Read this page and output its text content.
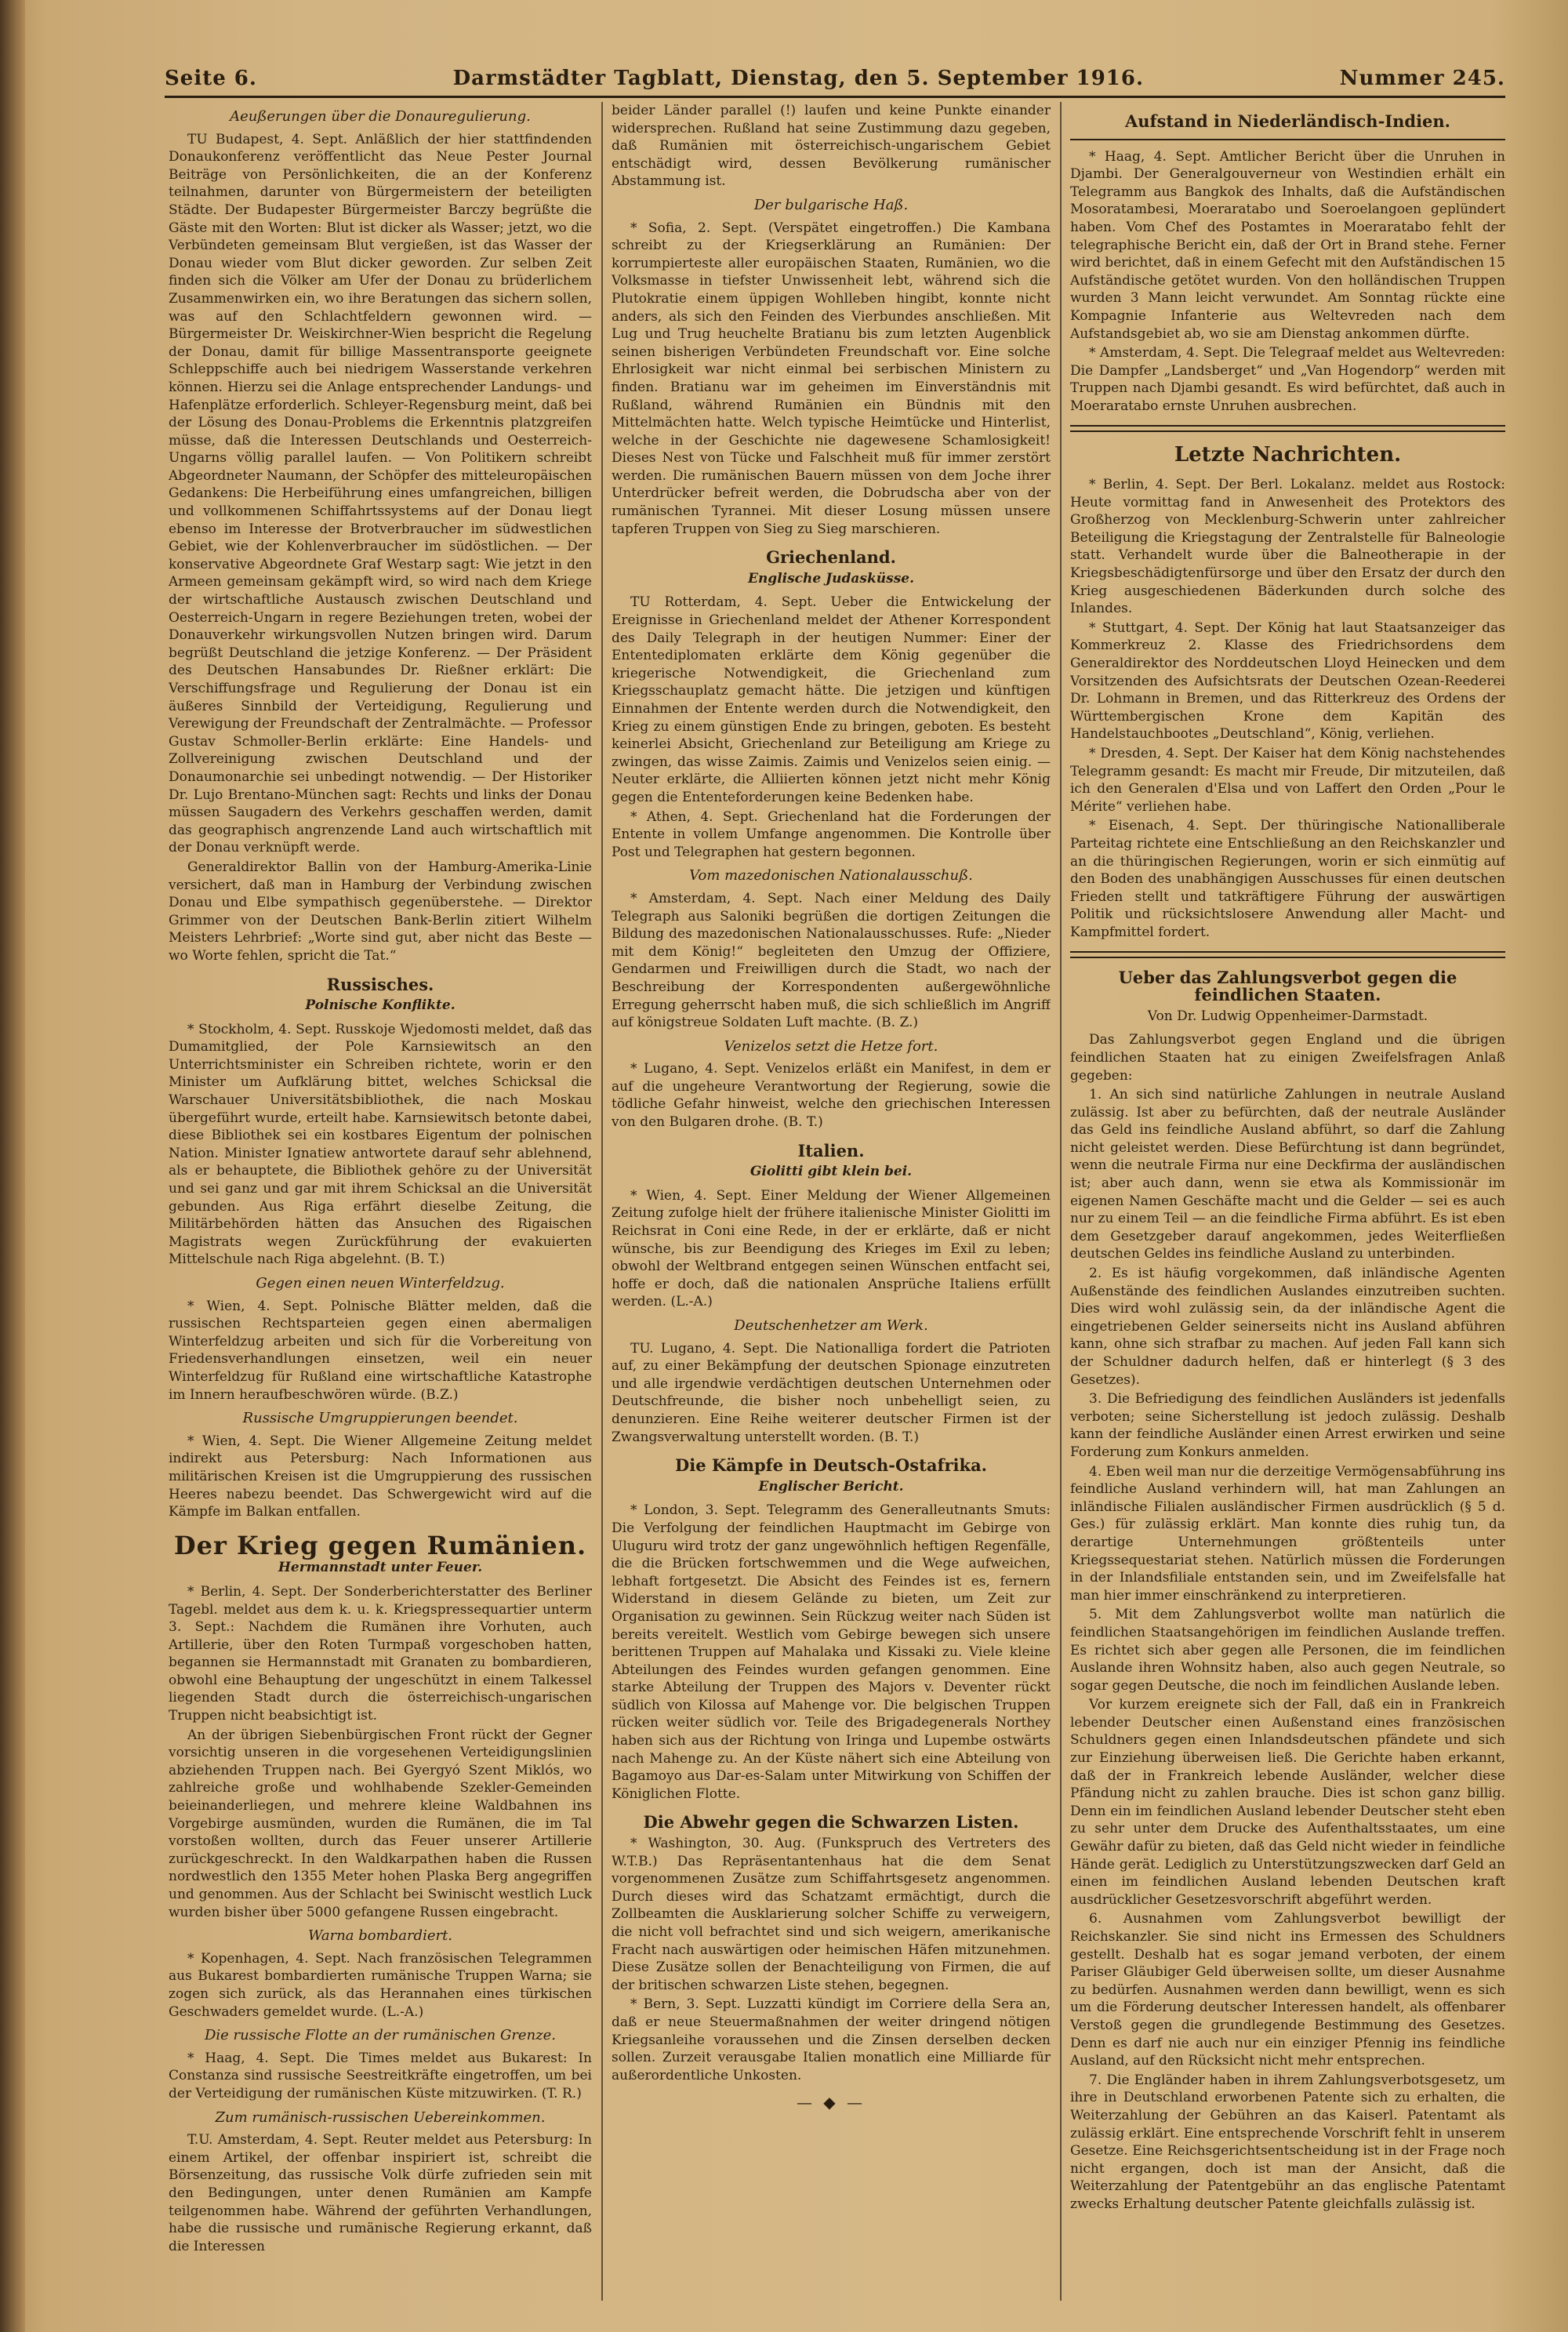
Seite 6.	Darmstädter Tagblatt, Dienstag, den 5. September 1916.	Nummer 245.
Aeußerungen über die Donauregulierung.

TU Budapest, 4. Sept. Anläßlich der hier stattfindenden Donaukonferenz veröffentlicht das Neue Pester Journal Beiträge von Persönlichkeiten, die an der Konferenz teilnahmen, darunter von Bürgermeistern der beteiligten Städte. Der Budapester Bürgermeister Barczy begrüßte die Gäste mit den Worten: Blut ist dicker als Wasser; jetzt, wo die Verbündeten gemeinsam Blut vergießen, ist das Wasser der Donau wieder vom Blut dicker geworden. Zur selben Zeit finden sich die Völker am Ufer der Donau zu brüderlichem Zusammenwirken ein, wo ihre Beratungen das sichern sollen, was auf den Schlachtfeldern gewonnen wird. — Bürgermeister Dr. Weiskirchner-Wien bespricht die Regelung der Donau, damit für billige Massentransporte geeignete Schleppschiffe auch bei niedrigem Wasserstande verkehren können. Hierzu sei die Anlage entsprechender Landungs- und Hafenplätze erforderlich. Schleyer-Regensburg meint, daß bei der Lösung des Donau-Problems die Erkenntnis platzgreifen müsse, daß die Interessen Deutschlands und Oesterreich-Ungarns völlig parallel laufen. — Von Politikern schreibt Abgeordneter Naumann, der Schöpfer des mitteleuropäischen Gedankens: Die Herbeiführung eines umfangreichen, billigen und vollkommenen Schiffahrtssystems auf der Donau liegt ebenso im Interesse der Brotverbraucher im südwestlichen Gebiet, wie der Kohlenverbraucher im südöstlichen. — Der konservative Abgeordnete Graf Westarp sagt: Wie jetzt in den Armeen gemeinsam gekämpft wird, so wird nach dem Kriege der wirtschaftliche Austausch zwischen Deutschland und Oesterreich-Ungarn in regere Beziehungen treten, wobei der Donauverkehr wirkungsvollen Nutzen bringen wird. Darum begrüßt Deutschland die jetzige Konferenz. — Der Präsident des Deutschen Hansabundes Dr. Rießner erklärt: Die Verschiffungsfrage und Regulierung der Donau ist ein äußeres Sinnbild der Verteidigung, Regulierung und Verewigung der Freundschaft der Zentralmächte. — Professor Gustav Schmoller-Berlin erklärte: Eine Handels- und Zollvereinigung zwischen Deutschland und der Donaumonarchie sei unbedingt notwendig. — Der Historiker Dr. Lujo Brentano-München sagt: Rechts und links der Donau müssen Saugadern des Verkehrs geschaffen werden, damit das geographisch angrenzende Land auch wirtschaftlich mit der Donau verknüpft werde.

Generaldirektor Ballin von der Hamburg-Amerika-Linie versichert, daß man in Hamburg der Verbindung zwischen Donau und Elbe sympathisch gegenüberstehe. — Direktor Grimmer von der Deutschen Bank-Berlin zitiert Wilhelm Meisters Lehrbrief: „Worte sind gut, aber nicht das Beste — wo Worte fehlen, spricht die Tat.“

Russisches.
Polnische Konflikte.

* Stockholm, 4. Sept. Russkoje Wjedomosti meldet, daß das Dumamitglied, der Pole Karnsiewitsch an den Unterrichtsminister ein Schreiben richtete, worin er den Minister um Aufklärung bittet, welches Schicksal die Warschauer Universitätsbibliothek, die nach Moskau übergeführt wurde, erteilt habe. Karnsiewitsch betonte dabei, diese Bibliothek sei ein kostbares Eigentum der polnischen Nation. Minister Ignatiew antwortete darauf sehr ablehnend, als er behauptete, die Bibliothek gehöre zu der Universität und sei ganz und gar mit ihrem Schicksal an die Universität gebunden. Aus Riga erfährt dieselbe Zeitung, die Militärbehörden hätten das Ansuchen des Rigaischen Magistrats wegen Zurückführung der evakuierten Mittelschule nach Riga abgelehnt. (B. T.)

Gegen einen neuen Winterfeldzug.

* Wien, 4. Sept. Polnische Blätter melden, daß die russischen Rechtsparteien gegen einen abermaligen Winterfeldzug arbeiten und sich für die Vorbereitung von Friedensverhandlungen einsetzen, weil ein neuer Winterfeldzug für Rußland eine wirtschaftliche Katastrophe im Innern heraufbeschwören würde. (B.Z.)

Russische Umgruppierungen beendet.

* Wien, 4. Sept. Die Wiener Allgemeine Zeitung meldet indirekt aus Petersburg: Nach Informationen aus militärischen Kreisen ist die Umgruppierung des russischen Heeres nabezu beendet. Das Schwergewicht wird auf die Kämpfe im Balkan entfallen.

Der Krieg gegen Rumänien.
Hermannstadt unter Feuer.

* Berlin, 4. Sept. Der Sonderberichterstatter des Berliner Tagebl. meldet aus dem k. u. k. Kriegspressequartier unterm 3. Sept.: Nachdem die Rumänen ihre Vorhuten, auch Artillerie, über den Roten Turmpaß vorgeschoben hatten, begannen sie Hermannstadt mit Granaten zu bombardieren, obwohl eine Behauptung der ungeschützt in einem Talkessel liegenden Stadt durch die österreichisch-ungarischen Truppen nicht beabsichtigt ist.

An der übrigen Siebenbürgischen Front rückt der Gegner vorsichtig unseren in die vorgesehenen Verteidigungslinien abziehenden Truppen nach. Bei Gyergyó Szent Miklós, wo zahlreiche große und wohlhabende Szekler-Gemeinden beieinanderliegen, und mehrere kleine Waldbahnen ins Vorgebirge ausmünden, wurden die Rumänen, die im Tal vorstoßen wollten, durch das Feuer unserer Artillerie zurückgeschreckt. In den Waldkarpathen haben die Russen nordwestlich den 1355 Meter hohen Plaska Berg angegriffen und genommen. Aus der Schlacht bei Swinischt westlich Luck wurden bisher über 5000 gefangene Russen eingebracht.

Warna bombardiert.

* Kopenhagen, 4. Sept. Nach französischen Telegrammen aus Bukarest bombardierten rumänische Truppen Warna; sie zogen sich zurück, als das Herannahen eines türkischen Geschwaders gemeldet wurde. (L.-A.)

Die russische Flotte an der rumänischen Grenze.

* Haag, 4. Sept. Die Times meldet aus Bukarest: In Constanza sind russische Seestreitkräfte eingetroffen, um bei der Verteidigung der rumänischen Küste mitzuwirken. (T. R.)

Zum rumänisch-russischen Uebereinkommen.

T.U. Amsterdam, 4. Sept. Reuter meldet aus Petersburg: In einem Artikel, der offenbar inspiriert ist, schreibt die Börsenzeitung, das russische Volk dürfe zufrieden sein mit den Bedingungen, unter denen Rumänien am Kampfe teilgenommen habe. Während der geführten Verhandlungen, habe die russische und rumänische Regierung erkannt, daß die Interessen

beider Länder parallel (!) laufen und keine Punkte einander widersprechen. Rußland hat seine Zustimmung dazu gegeben, daß Rumänien mit österreichisch-ungarischem Gebiet entschädigt wird, dessen Bevölkerung rumänischer Abstammung ist.

Der bulgarische Haß.

* Sofia, 2. Sept. (Verspätet eingetroffen.) Die Kambana schreibt zu der Kriegserklärung an Rumänien: Der korrumpierteste aller europäischen Staaten, Rumänien, wo die Volksmasse in tiefster Unwissenheit lebt, während sich die Plutokratie einem üppigen Wohlleben hingibt, konnte nicht anders, als sich den Feinden des Vierbundes anschließen. Mit Lug und Trug heuchelte Bratianu bis zum letzten Augenblick seinen bisherigen Verbündeten Freundschaft vor. Eine solche Ehrlosigkeit war nicht einmal bei serbischen Ministern zu finden. Bratianu war im geheimen im Einverständnis mit Rußland, während Rumänien ein Bündnis mit den Mittelmächten hatte. Welch typische Heimtücke und Hinterlist, welche in der Geschichte nie dagewesene Schamlosigkeit! Dieses Nest von Tücke und Falschheit muß für immer zerstört werden. Die rumänischen Bauern müssen von dem Joche ihrer Unterdrücker befreit werden, die Dobrudscha aber von der rumänischen Tyrannei. Mit dieser Losung müssen unsere tapferen Truppen von Sieg zu Sieg marschieren.

Griechenland.
Englische Judasküsse.

TU Rotterdam, 4. Sept. Ueber die Entwickelung der Ereignisse in Griechenland meldet der Athener Korrespondent des Daily Telegraph in der heutigen Nummer: Einer der Ententediplomaten erklärte dem König gegenüber die kriegerische Notwendigkeit, die Griechenland zum Kriegsschauplatz gemacht hätte. Die jetzigen und künftigen Einnahmen der Entente werden durch die Notwendigkeit, den Krieg zu einem günstigen Ende zu bringen, geboten. Es besteht keinerlei Absicht, Griechenland zur Beteiligung am Kriege zu zwingen, das wisse Zaimis. Zaimis und Venizelos seien einig. — Neuter erklärte, die Alliierten können jetzt nicht mehr König gegen die Ententeforderungen keine Bedenken habe.

* Athen, 4. Sept. Griechenland hat die Forderungen der Entente in vollem Umfange angenommen. Die Kontrolle über Post und Telegraphen hat gestern begonnen.

Vom mazedonischen Nationalausschuß.

* Amsterdam, 4. Sept. Nach einer Meldung des Daily Telegraph aus Saloniki begrüßen die dortigen Zeitungen die Bildung des mazedonischen Nationalausschusses. Rufe: „Nieder mit dem König!“ begleiteten den Umzug der Offiziere, Gendarmen und Freiwilligen durch die Stadt, wo nach der Beschreibung der Korrespondenten außergewöhnliche Erregung geherrscht haben muß, die sich schließlich im Angriff auf königstreue Soldaten Luft machte. (B. Z.)

Venizelos setzt die Hetze fort.

* Lugano, 4. Sept. Venizelos erläßt ein Manifest, in dem er auf die ungeheure Verantwortung der Regierung, sowie die tödliche Gefahr hinweist, welche den griechischen Interessen von den Bulgaren drohe. (B. T.)

Italien.
Giolitti gibt klein bei.

* Wien, 4. Sept. Einer Meldung der Wiener Allgemeinen Zeitung zufolge hielt der frühere italienische Minister Giolitti im Reichsrat in Coni eine Rede, in der er erklärte, daß er nicht wünsche, bis zur Beendigung des Krieges im Exil zu leben; obwohl der Weltbrand entgegen seinen Wünschen entfacht sei, hoffe er doch, daß die nationalen Ansprüche Italiens erfüllt werden. (L.-A.)

Deutschenhetzer am Werk.

TU. Lugano, 4. Sept. Die Nationalliga fordert die Patrioten auf, zu einer Bekämpfung der deutschen Spionage einzutreten und alle irgendwie verdächtigen deutschen Unternehmen oder Deutschfreunde, die bisher noch unbehelligt seien, zu denunzieren. Eine Reihe weiterer deutscher Firmen ist der Zwangsverwaltung unterstellt worden. (B. T.)

Die Kämpfe in Deutsch-Ostafrika.
Englischer Bericht.

* London, 3. Sept. Telegramm des Generalleutnants Smuts: Die Verfolgung der feindlichen Hauptmacht im Gebirge von Uluguru wird trotz der ganz ungewöhnlich heftigen Regenfälle, die die Brücken fortschwemmen und die Wege aufweichen, lebhaft fortgesetzt. Die Absicht des Feindes ist es, fernern Widerstand in diesem Gelände zu bieten, um Zeit zur Organisation zu gewinnen. Sein Rückzug weiter nach Süden ist bereits vereitelt. Westlich vom Gebirge bewegen sich unsere berittenen Truppen auf Mahalaka und Kissaki zu. Viele kleine Abteilungen des Feindes wurden gefangen genommen. Eine starke Abteilung der Truppen des Majors v. Deventer rückt südlich von Kilossa auf Mahenge vor. Die belgischen Truppen rücken weiter südlich vor. Teile des Brigadegenerals Northey haben sich aus der Richtung von Iringa und Lupembe ostwärts nach Mahenge zu. An der Küste nähert sich eine Abteilung von Bagamoyo aus Dar-es-Salam unter Mitwirkung von Schiffen der Königlichen Flotte.

Die Abwehr gegen die Schwarzen Listen.

* Washington, 30. Aug. (Funkspruch des Vertreters des W.T.B.) Das Repräsentantenhaus hat die dem Senat vorgenommenen Zusätze zum Schiffahrtsgesetz angenommen. Durch dieses wird das Schatzamt ermächtigt, durch die Zollbeamten die Ausklarierung solcher Schiffe zu verweigern, die nicht voll befrachtet sind und sich weigern, amerikanische Fracht nach auswärtigen oder heimischen Häfen mitzunehmen. Diese Zusätze sollen der Benachteiligung von Firmen, die auf der britischen schwarzen Liste stehen, begegnen.

* Bern, 3. Sept. Luzzatti kündigt im Corriere della Sera an, daß er neue Steuermaßnahmen der weiter dringend nötigen Kriegsanleihe voraussehen und die Zinsen derselben decken sollen. Zurzeit verausgabe Italien monatlich eine Milliarde für außerordentliche Unkosten.

— ◆ —
Aufstand in Niederländisch-Indien.

* Haag, 4. Sept. Amtlicher Bericht über die Unruhen in Djambi. Der Generalgouverneur von Westindien erhält ein Telegramm aus Bangkok des Inhalts, daß die Aufständischen Mosoratambesi, Moeraratabo und Soeroelangoen geplündert haben. Vom Chef des Postamtes in Moeraratabo fehlt der telegraphische Bericht ein, daß der Ort in Brand stehe. Ferner wird berichtet, daß in einem Gefecht mit den Aufständischen 15 Aufständische getötet wurden. Von den holländischen Truppen wurden 3 Mann leicht verwundet. Am Sonntag rückte eine Kompagnie Infanterie aus Weltevreden nach dem Aufstandsgebiet ab, wo sie am Dienstag ankommen dürfte.

* Amsterdam, 4. Sept. Die Telegraaf meldet aus Weltevreden: Die Dampfer „Landsberget“ und „Van Hogendorp“ werden mit Truppen nach Djambi gesandt. Es wird befürchtet, daß auch in Moeraratabo ernste Unruhen ausbrechen.

Letzte Nachrichten.

* Berlin, 4. Sept. Der Berl. Lokalanz. meldet aus Rostock: Heute vormittag fand in Anwesenheit des Protektors des Großherzog von Mecklenburg-Schwerin unter zahlreicher Beteiligung die Kriegstagung der Zentralstelle für Balneologie statt. Verhandelt wurde über die Balneotherapie in der Kriegsbeschädigtenfürsorge und über den Ersatz der durch den Krieg ausgeschiedenen Bäderkunden durch solche des Inlandes.

* Stuttgart, 4. Sept. Der König hat laut Staatsanzeiger das Kommerkreuz 2. Klasse des Friedrichsordens dem Generaldirektor des Norddeutschen Lloyd Heinecken und dem Vorsitzenden des Aufsichtsrats der Deutschen Ozean-Reederei Dr. Lohmann in Bremen, und das Ritterkreuz des Ordens der Württembergischen Krone dem Kapitän des Handelstauchbootes „Deutschland“, König, verliehen.

* Dresden, 4. Sept. Der Kaiser hat dem König nachstehendes Telegramm gesandt: Es macht mir Freude, Dir mitzuteilen, daß ich den Generalen d'Elsa und von Laffert den Orden „Pour le Mérite“ verliehen habe.

* Eisenach, 4. Sept. Der thüringische Nationalliberale Parteitag richtete eine Entschließung an den Reichskanzler und an die thüringischen Regierungen, worin er sich einmütig auf den Boden des unabhängigen Ausschusses für einen deutschen Frieden stellt und tatkräftigere Führung der auswärtigen Politik und rücksichtslosere Anwendung aller Macht- und Kampfmittel fordert.

Ueber das Zahlungsverbot gegen die feindlichen Staaten.
Von Dr. Ludwig Oppenheimer-Darmstadt.

Das Zahlungsverbot gegen England und die übrigen feindlichen Staaten hat zu einigen Zweifelsfragen Anlaß gegeben:

1. An sich sind natürliche Zahlungen in neutrale Ausland zulässig. Ist aber zu befürchten, daß der neutrale Ausländer das Geld ins feindliche Ausland abführt, so darf die Zahlung nicht geleistet werden. Diese Befürchtung ist dann begründet, wenn die neutrale Firma nur eine Deckfirma der ausländischen ist; aber auch dann, wenn sie etwa als Kommissionär im eigenen Namen Geschäfte macht und die Gelder — sei es auch nur zu einem Teil — an die feindliche Firma abführt. Es ist eben dem Gesetzgeber darauf angekommen, jedes Weiterfließen deutschen Geldes ins feindliche Ausland zu unterbinden.

2. Es ist häufig vorgekommen, daß inländische Agenten Außenstände des feindlichen Auslandes einzutreiben suchten. Dies wird wohl zulässig sein, da der inländische Agent die eingetriebenen Gelder seinerseits nicht ins Ausland abführen kann, ohne sich strafbar zu machen. Auf jeden Fall kann sich der Schuldner dadurch helfen, daß er hinterlegt (§ 3 des Gesetzes).

3. Die Befriedigung des feindlichen Ausländers ist jedenfalls verboten; seine Sicherstellung ist jedoch zulässig. Deshalb kann der feindliche Ausländer einen Arrest erwirken und seine Forderung zum Konkurs anmelden.

4. Eben weil man nur die derzeitige Vermögensabführung ins feindliche Ausland verhindern will, hat man Zahlungen an inländische Filialen ausländischer Firmen ausdrücklich (§ 5 d. Ges.) für zulässig erklärt. Man konnte dies ruhig tun, da derartige Unternehmungen größtenteils unter Kriegssequestariat stehen. Natürlich müssen die Forderungen in der Inlandsfiliale entstanden sein, und im Zweifelsfalle hat man hier immer einschränkend zu interpretieren.

5. Mit dem Zahlungsverbot wollte man natürlich die feindlichen Staatsangehörigen im feindlichen Auslande treffen. Es richtet sich aber gegen alle Personen, die im feindlichen Auslande ihren Wohnsitz haben, also auch gegen Neutrale, so sogar gegen Deutsche, die noch im feindlichen Auslande leben.

Vor kurzem ereignete sich der Fall, daß ein in Frankreich lebender Deutscher einen Außenstand eines französischen Schuldners gegen einen Inlandsdeutschen pfändete und sich zur Einziehung überweisen ließ. Die Gerichte haben erkannt, daß der in Frankreich lebende Ausländer, welcher diese Pfändung nicht zu zahlen brauche. Dies ist schon ganz billig. Denn ein im feindlichen Ausland lebender Deutscher steht eben zu sehr unter dem Drucke des Aufenthaltsstaates, um eine Gewähr dafür zu bieten, daß das Geld nicht wieder in feindliche Hände gerät. Lediglich zu Unterstützungszwecken darf Geld an einen im feindlichen Ausland lebenden Deutschen kraft ausdrücklicher Gesetzesvorschrift abgeführt werden.

6. Ausnahmen vom Zahlungsverbot bewilligt der Reichskanzler. Sie sind nicht ins Ermessen des Schuldners gestellt. Deshalb hat es sogar jemand verboten, der einem Pariser Gläubiger Geld überweisen sollte, um dieser Ausnahme zu bedürfen. Ausnahmen werden dann bewilligt, wenn es sich um die Förderung deutscher Interessen handelt, als offenbarer Verstoß gegen die grundlegende Bestimmung des Gesetzes. Denn es darf nie auch nur ein einziger Pfennig ins feindliche Ausland, auf den Rücksicht nicht mehr entsprechen.

7. Die Engländer haben in ihrem Zahlungsverbotsgesetz, um ihre in Deutschland erworbenen Patente sich zu erhalten, die Weiterzahlung der Gebühren an das Kaiserl. Patentamt als zulässig erklärt. Eine entsprechende Vorschrift fehlt in unserem Gesetze. Eine Reichsgerichtsentscheidung ist in der Frage noch nicht ergangen, doch ist man der Ansicht, daß die Weiterzahlung der Patentgebühr an das englische Patentamt zwecks Erhaltung deutscher Patente gleichfalls zulässig ist.
